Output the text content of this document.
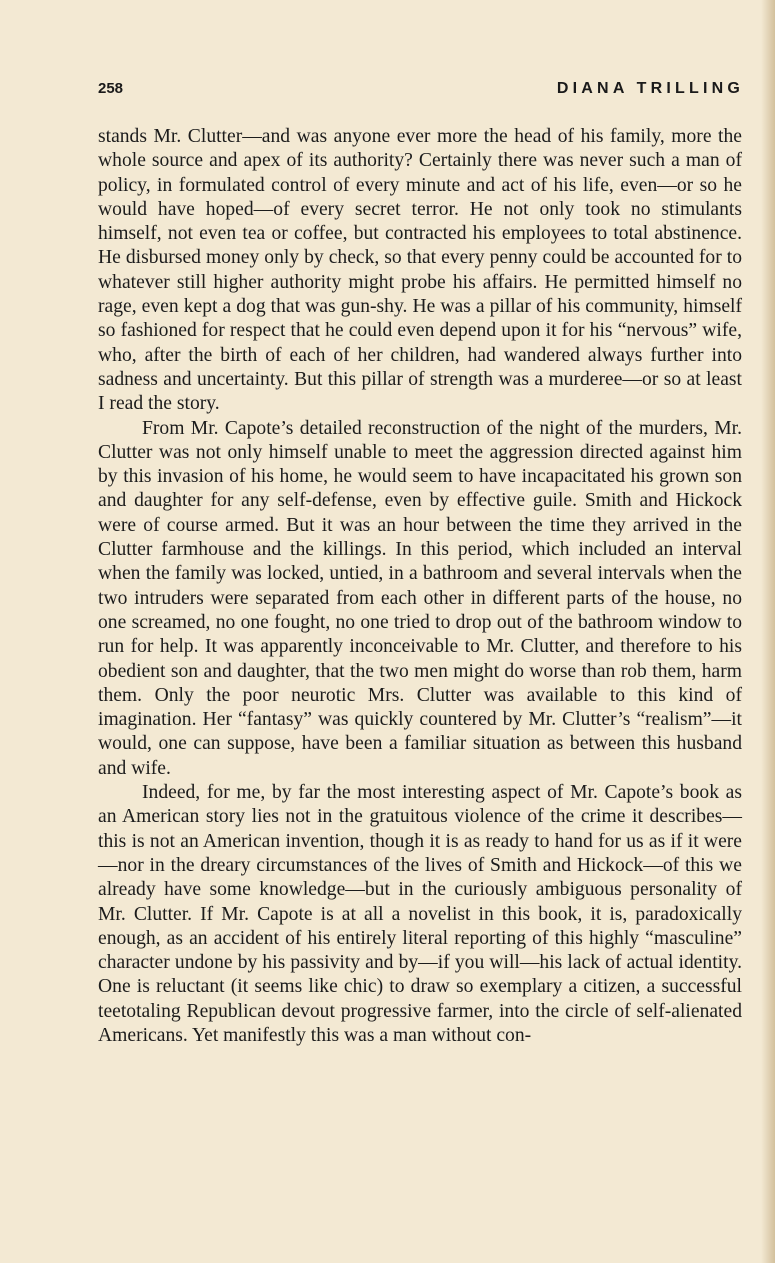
258	DIANA TRILLING

stands Mr. Clutter—and was anyone ever more the head of his family, more the whole source and apex of its authority? Certainly there was never such a man of policy, in formulated control of every minute and act of his life, even—or so he would have hoped—of every secret terror. He not only took no stimulants himself, not even tea or coffee, but contracted his employees to total abstinence. He disbursed money only by check, so that every penny could be accounted for to whatever still higher authority might probe his affairs. He permitted himself no rage, even kept a dog that was gun-shy. He was a pillar of his community, himself so fashioned for respect that he could even depend upon it for his “nervous” wife, who, after the birth of each of her children, had wandered always further into sadness and uncertainty. But this pillar of strength was a murderee—or so at least I read the story.

From Mr. Capote’s detailed reconstruction of the night of the murders, Mr. Clutter was not only himself unable to meet the aggression directed against him by this invasion of his home, he would seem to have incapacitated his grown son and daughter for any self-defense, even by effective guile. Smith and Hickock were of course armed. But it was an hour between the time they arrived in the Clutter farmhouse and the killings. In this period, which included an interval when the family was locked, untied, in a bathroom and several intervals when the two intruders were separated from each other in different parts of the house, no one screamed, no one fought, no one tried to drop out of the bathroom window to run for help. It was apparently inconceivable to Mr. Clutter, and therefore to his obedient son and daughter, that the two men might do worse than rob them, harm them. Only the poor neurotic Mrs. Clutter was available to this kind of imagination. Her “fantasy” was quickly countered by Mr. Clutter’s “realism”—it would, one can suppose, have been a familiar situation as between this husband and wife.

Indeed, for me, by far the most interesting aspect of Mr. Capote’s book as an American story lies not in the gratuitous violence of the crime it describes—this is not an American invention, though it is as ready to hand for us as if it were—nor in the dreary circumstances of the lives of Smith and Hickock—of this we already have some knowledge—but in the curiously ambiguous personality of Mr. Clutter. If Mr. Capote is at all a novelist in this book, it is, paradoxically enough, as an accident of his entirely literal reporting of this highly “masculine” character undone by his passivity and by—if you will—his lack of actual identity. One is reluctant (it seems like chic) to draw so exemplary a citizen, a successful teetotaling Republican devout progressive farmer, into the circle of self-alienated Americans. Yet manifestly this was a man without con-
